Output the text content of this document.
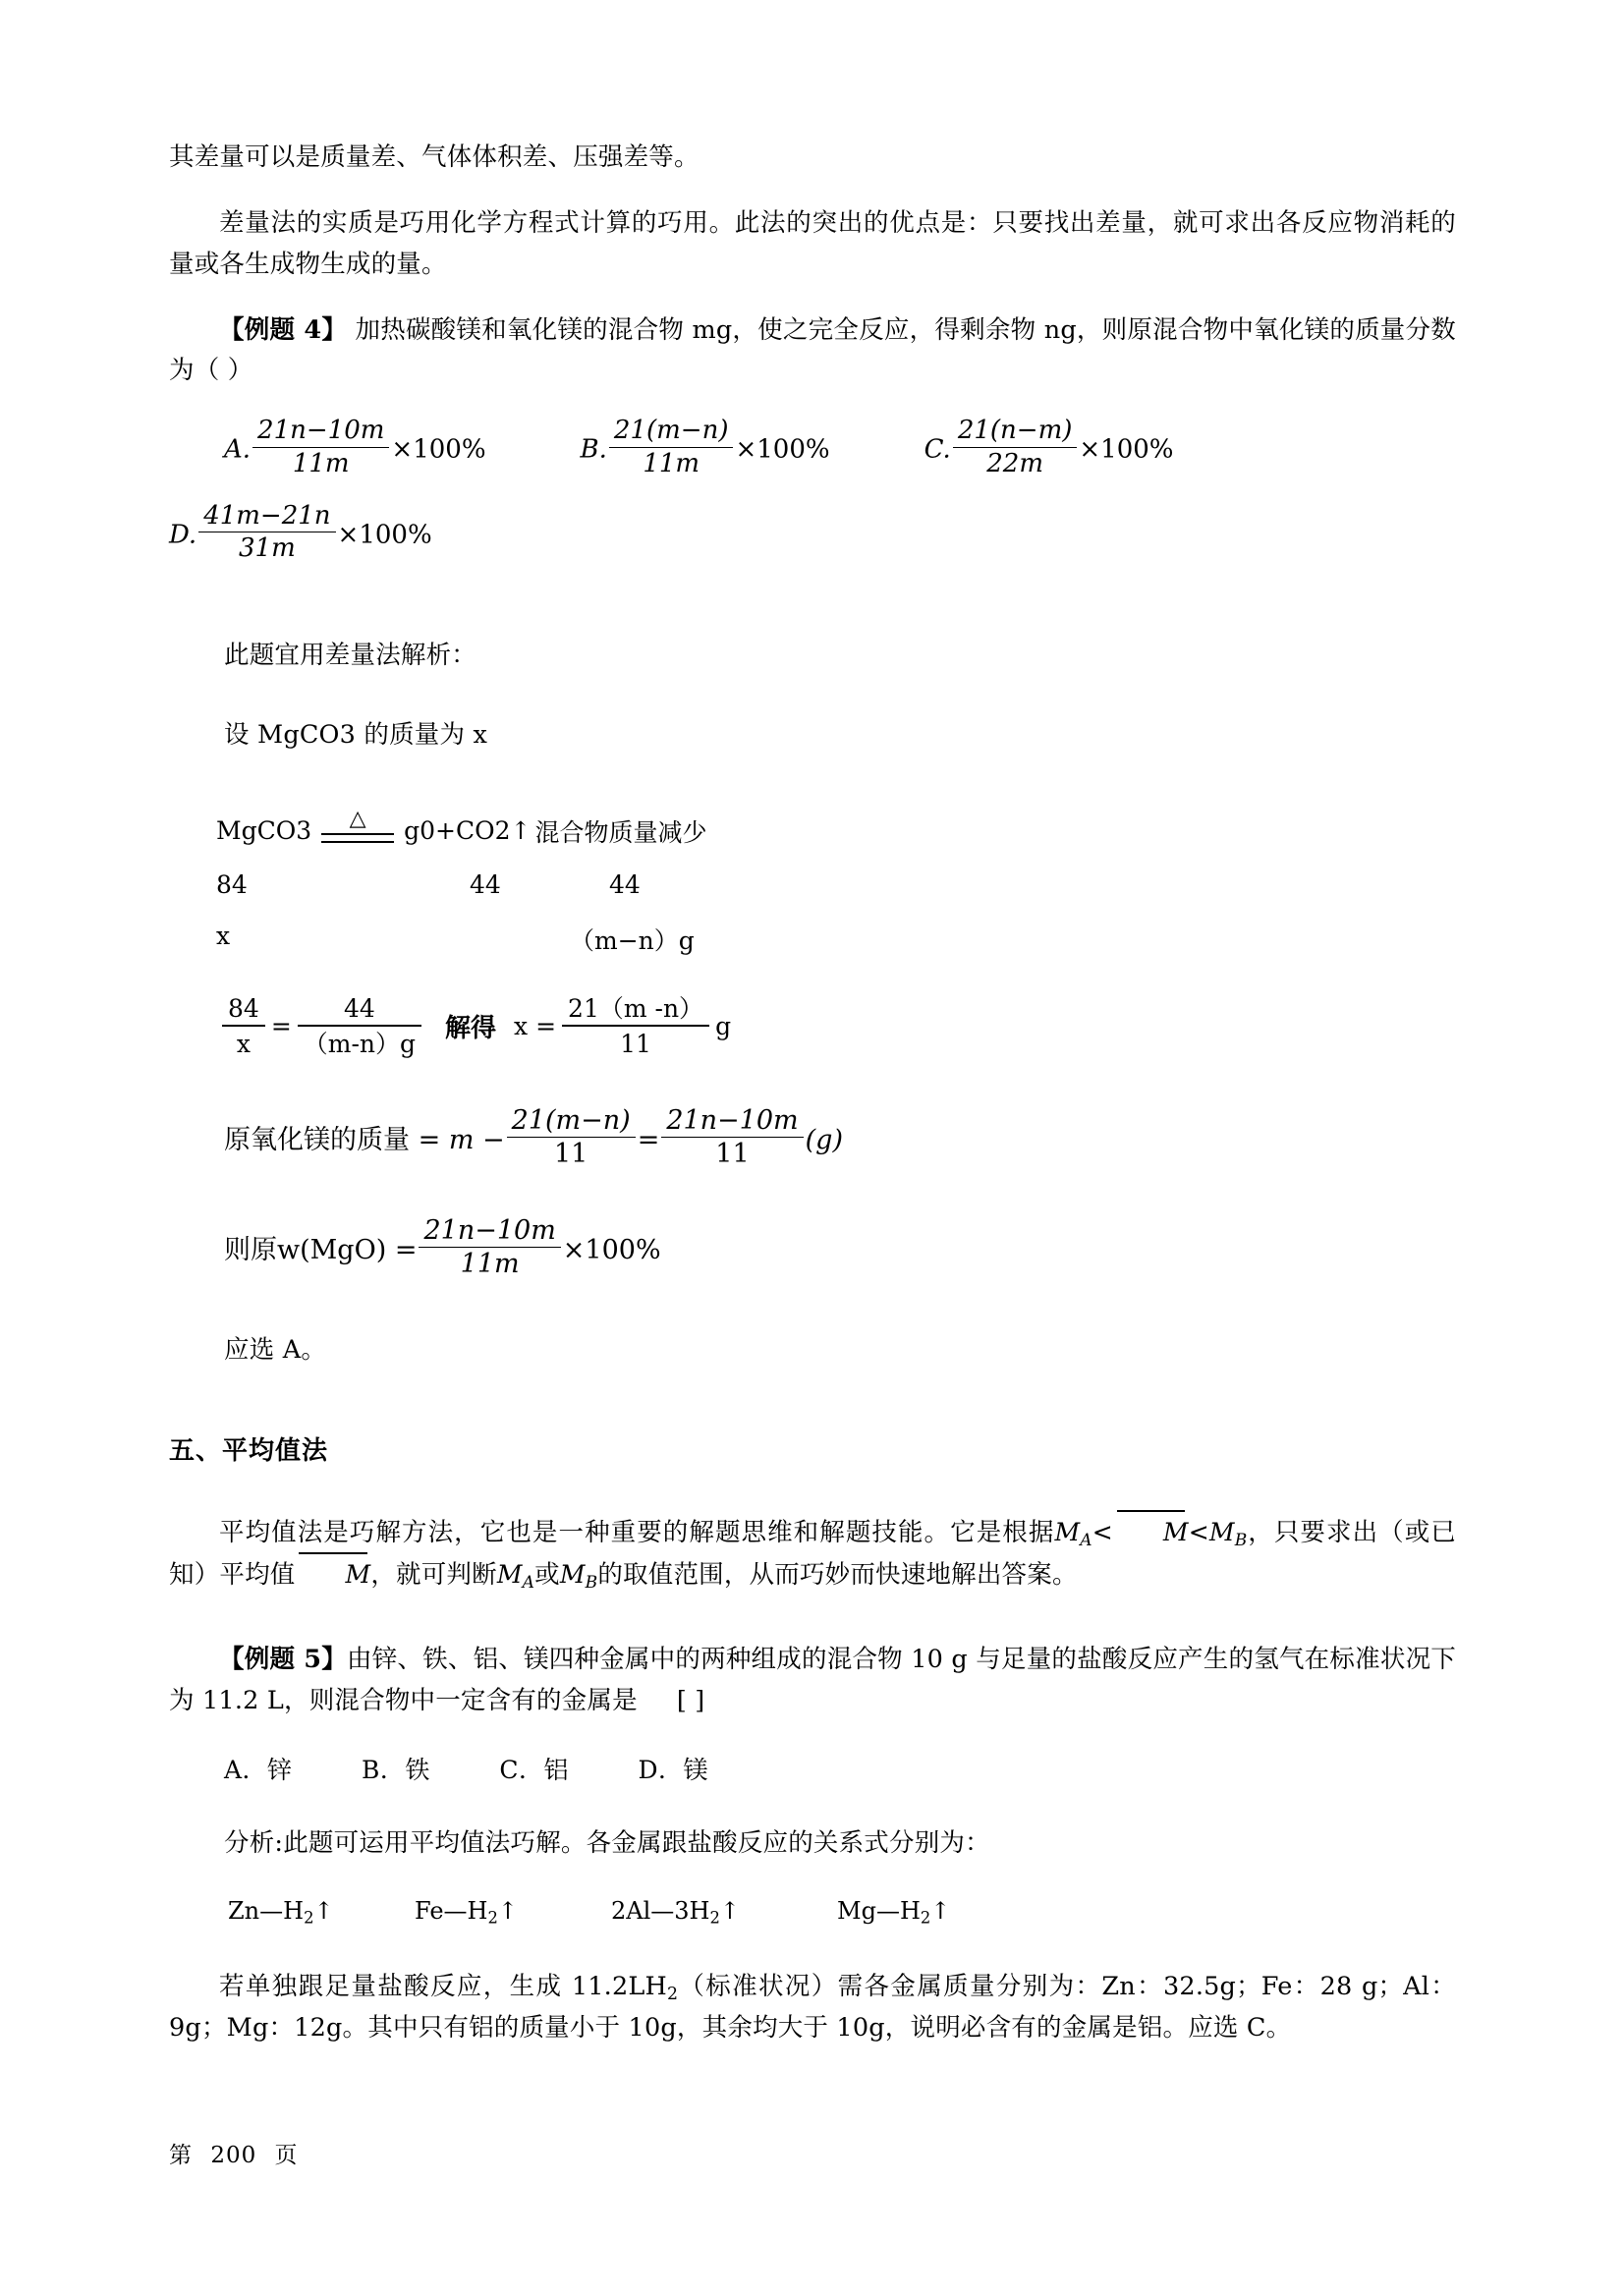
其差量可以是质量差、气体体积差、压强差等。

差量法的实质是巧用化学方程式计算的巧用。此法的突出的优点是：只要找出差量，就可求出各反应物消耗的量或各生成物生成的量。

【例题 4】 加热碳酸镁和氧化镁的混合物 mg，使之完全反应，得剩余物 ng，则原混合物中氧化镁的质量分数为（ ）

A. $\frac{21n-10m}{11m} \times 100\%$	B. $\frac{21(m-n)}{11m} \times 100\%$	C. $\frac{21(n-m)}{22m} \times 100\%$
D. $\frac{41m-21n}{31m} \times 100\%$

此题宜用差量法解析：

设 MgCO3 的质量为 x

MgCO3 △ g0+CO2↑ 混合物质量减少
84	44	44
x	（m−n）g
$\frac{84}{x} = \frac{44}{(m-n)g}$ 解得 $x = \frac{21(m -n)}{11}$ g
原氧化镁的质量 = $m - \frac{21(m-n)}{11} = \frac{21n-10m}{11} (g)$
则原$w(MgO) = \frac{21n-10m}{11m} \times 100\%$

应选 A。

五、平均值法

平均值法是巧解方法，它也是一种重要的解题思维和解题技能。它是根据$M_A< M<M_B$，只要求出（或已知）平均值 M，就可判断$M_A$或$M_B$的取值范围，从而巧妙而快速地解出答案。

【例题 5】由锌、铁、铝、镁四种金属中的两种组成的混合物 10 g 与足量的盐酸反应产生的氢气在标准状况下为 11.2 L，则混合物中一定含有的金属是 [ ]

A．锌	B．铁	C．铝	D．镁

分析:此题可运用平均值法巧解。各金属跟盐酸反应的关系式分别为：

$Zn—H_2↑$	$Fe—H_2↑$	$2Al—3H_2↑$	$Mg—H_2↑$

若单独跟足量盐酸反应，生成 $11.2LH_2$（标准状况）需各金属质量分别为：Zn：32.5g；Fe：28 g；Al：9g；Mg：12g。其中只有铝的质量小于 10g，其余均大于 10g，说明必含有的金属是铝。应选 C。

第 200 页
